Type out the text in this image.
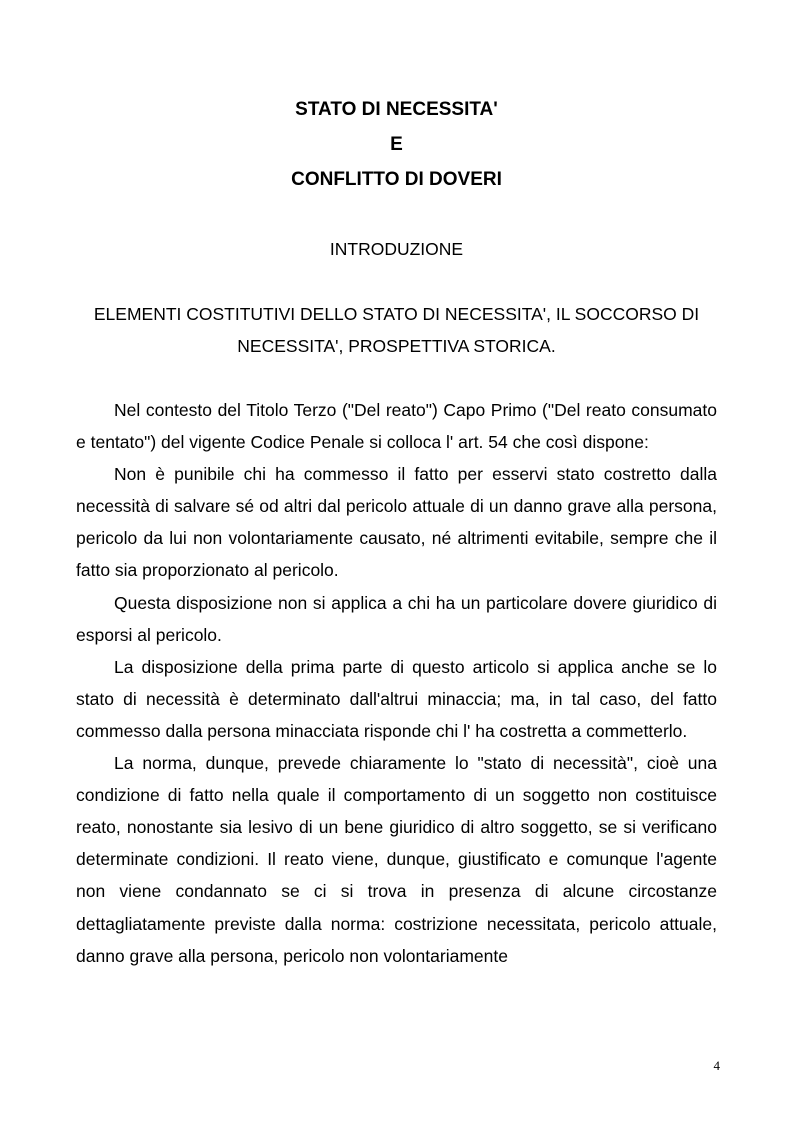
STATO DI NECESSITA'
E
CONFLITTO DI DOVERI
INTRODUZIONE
ELEMENTI COSTITUTIVI DELLO STATO DI NECESSITA', IL SOCCORSO DI NECESSITA', PROSPETTIVA STORICA.

Nel contesto del Titolo Terzo ("Del reato") Capo Primo ("Del reato consumato e tentato") del vigente Codice Penale si colloca l' art. 54 che così dispone:

Non è punibile chi ha commesso il fatto per esservi stato costretto dalla necessità di salvare sé od altri dal pericolo attuale di un danno grave alla persona, pericolo da lui non volontariamente causato, né altrimenti evitabile, sempre che il fatto sia proporzionato al pericolo.

Questa disposizione non si applica a chi ha un particolare dovere giuridico di esporsi al pericolo.

La disposizione della prima parte di questo articolo si applica anche se lo stato di necessità è determinato dall'altrui minaccia; ma, in tal caso, del fatto commesso dalla persona minacciata risponde chi l' ha costretta a commetterlo.

La norma, dunque, prevede chiaramente lo "stato di necessità", cioè una condizione di fatto nella quale il comportamento di un soggetto non costituisce reato, nonostante sia lesivo di un bene giuridico di altro soggetto, se si verificano determinate condizioni. Il reato viene, dunque, giustificato e comunque l'agente non viene condannato se ci si trova in presenza di alcune circostanze dettagliatamente previste dalla norma: costrizione necessitata, pericolo attuale, danno grave alla persona, pericolo non volontariamente

4
